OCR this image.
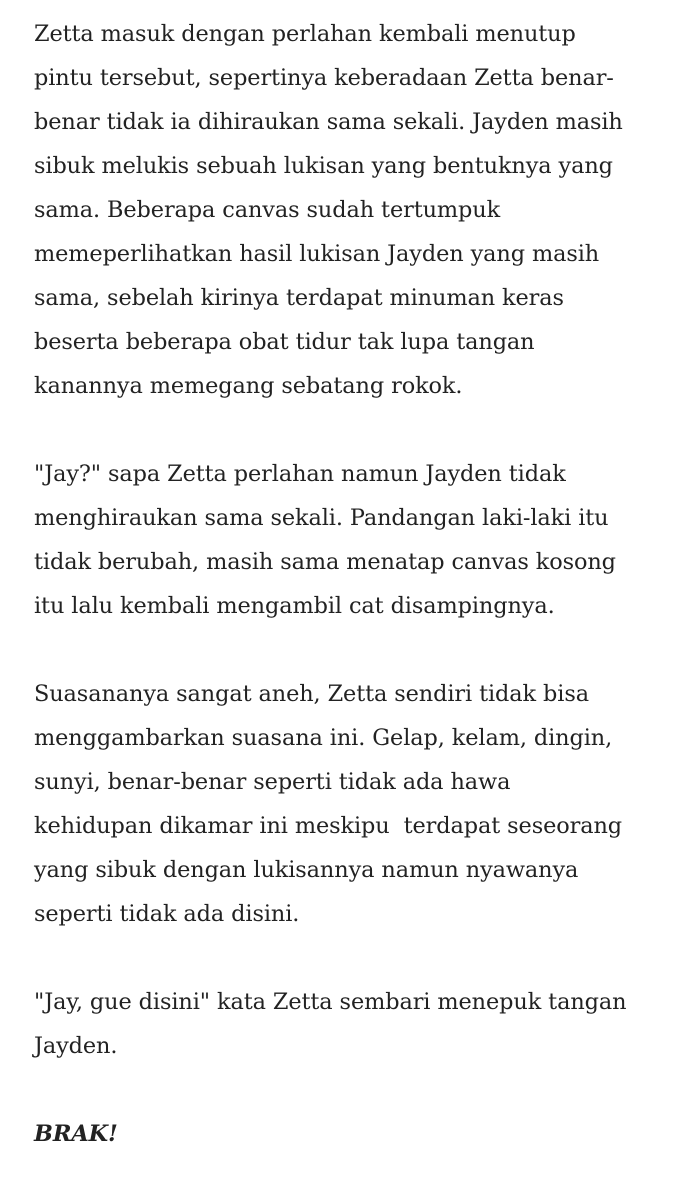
Zetta masuk dengan perlahan kembali menutup
pintu tersebut, sepertinya keberadaan Zetta benar-
benar tidak ia dihiraukan sama sekali. Jayden masih
sibuk melukis sebuah lukisan yang bentuknya yang
sama. Beberapa canvas sudah tertumpuk
memeperlihatkan hasil lukisan Jayden yang masih
sama, sebelah kirinya terdapat minuman keras
beserta beberapa obat tidur tak lupa tangan
kanannya memegang sebatang rokok.
"Jay?" sapa Zetta perlahan namun Jayden tidak
menghiraukan sama sekali. Pandangan laki-laki itu
tidak berubah, masih sama menatap canvas kosong
itu lalu kembali mengambil cat disampingnya.
Suasananya sangat aneh, Zetta sendiri tidak bisa
menggambarkan suasana ini. Gelap, kelam, dingin,
sunyi, benar-benar seperti tidak ada hawa
kehidupan dikamar ini meskipu  terdapat seseorang
yang sibuk dengan lukisannya namun nyawanya
seperti tidak ada disini.
"Jay, gue disini" kata Zetta sembari menepuk tangan
Jayden.
BRAK!
